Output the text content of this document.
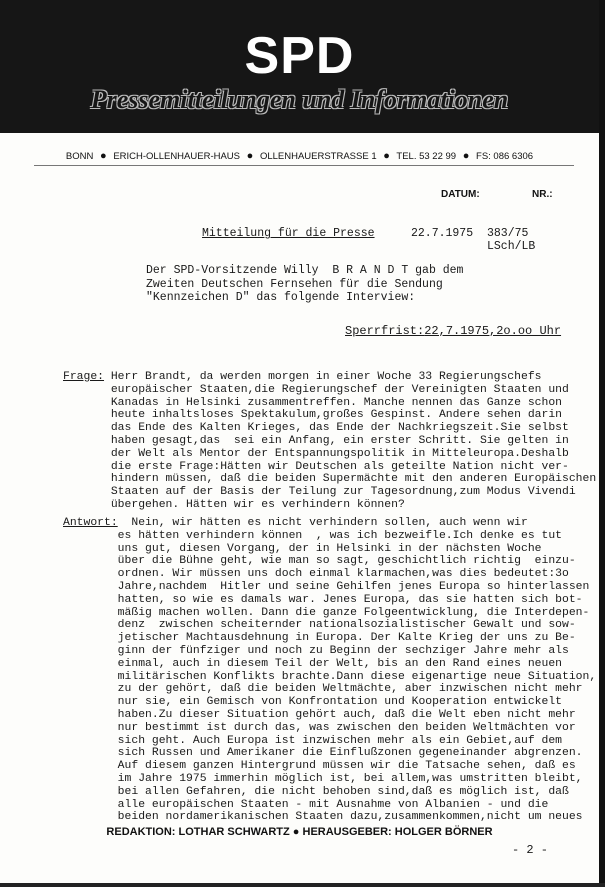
SPD
Pressemitteilungen und Informationen
BONN ● ERICH-OLLENHAUER-HAUS ● OLLENHAUERSTRASSE 1 ● TEL. 53 22 99 ● FS: 086 6306
DATUM:	NR.:
Mitteilung für die Presse	22.7.1975 383/75
LSch/LB
Der SPD-Vorsitzende Willy  B R A N D T gab dem
Zweiten Deutschen Fernsehen für die Sendung
"Kennzeichen D" das folgende Interview:
Sperrfrist:22,7.1975,2o.oo Uhr
Frage: Herr Brandt, da werden morgen in einer Woche 33 Regierungschefs
europäischer Staaten,die Regierungschef der Vereinigten Staaten und
Kanadas in Helsinki zusammentreffen. Manche nennen das Ganze schon
heute inhaltsloses Spektakulum,großes Gespinst. Andere sehen darin
das Ende des Kalten Krieges, das Ende der Nachkriegszeit.Sie selbst
haben gesagt,das  sei ein Anfang, ein erster Schritt. Sie gelten in
der Welt als Mentor der Entspannungspolitik in Mitteleuropa.Deshalb
die erste Frage:Hätten wir Deutschen als geteilte Nation nicht ver-
hindern müssen, daß die beiden Supermächte mit den anderen Europäischen
Staaten auf der Basis der Teilung zur Tagesordnung,zum Modus Vivendi
übergehen. Hätten wir es verhindern können?
Antwort:  Nein, wir hätten es nicht verhindern sollen, auch wenn wir
es hätten verhindern können  , was ich bezweifle.Ich denke es tut
uns gut, diesen Vorgang, der in Helsinki in der nächsten Woche
über die Bühne geht, wie man so sagt, geschichtlich richtig  einzu-
ordnen. Wir müssen uns doch einmal klarmachen,was dies bedeutet:3o
Jahre,nachdem  Hitler und seine Gehilfen jenes Europa so hinterlassen
hatten, so wie es damals war. Jenes Europa, das sie hatten sich bot-
mäßig machen wollen. Dann die ganze Folgeentwicklung, die Interdepen-
denz  zwischen scheiternder nationalsozialistischer Gewalt und sow-
jetischer Machtausdehnung in Europa. Der Kalte Krieg der uns zu Be-
ginn der fünfziger und noch zu Beginn der sechziger Jahre mehr als
einmal, auch in diesem Teil der Welt, bis an den Rand eines neuen
militärischen Konflikts brachte.Dann diese eigenartige neue Situation,
zu der gehört, daß die beiden Weltmächte, aber inzwischen nicht mehr
nur sie, ein Gemisch von Konfrontation und Kooperation entwickelt
haben.Zu dieser Situation gehört auch, daß die Welt eben nicht mehr
nur bestimmt ist durch das, was zwischen den beiden Weltmächten vor
sich geht. Auch Europa ist inzwischen mehr als ein Gebiet,auf dem
sich Russen und Amerikaner die Einflußzonen gegeneinander abgrenzen.
Auf diesem ganzen Hintergrund müssen wir die Tatsache sehen, daß es
im Jahre 1975 immerhin möglich ist, bei allem,was umstritten bleibt,
bei allen Gefahren, die nicht behoben sind,daß es möglich ist, daß
alle europäischen Staaten - mit Ausnahme von Albanien - und die
beiden nordamerikanischen Staaten dazu,zusammenkommen,nicht um neues
REDAKTION: LOTHAR SCHWARTZ ● HERAUSGEBER: HOLGER BÖRNER
- 2 -
